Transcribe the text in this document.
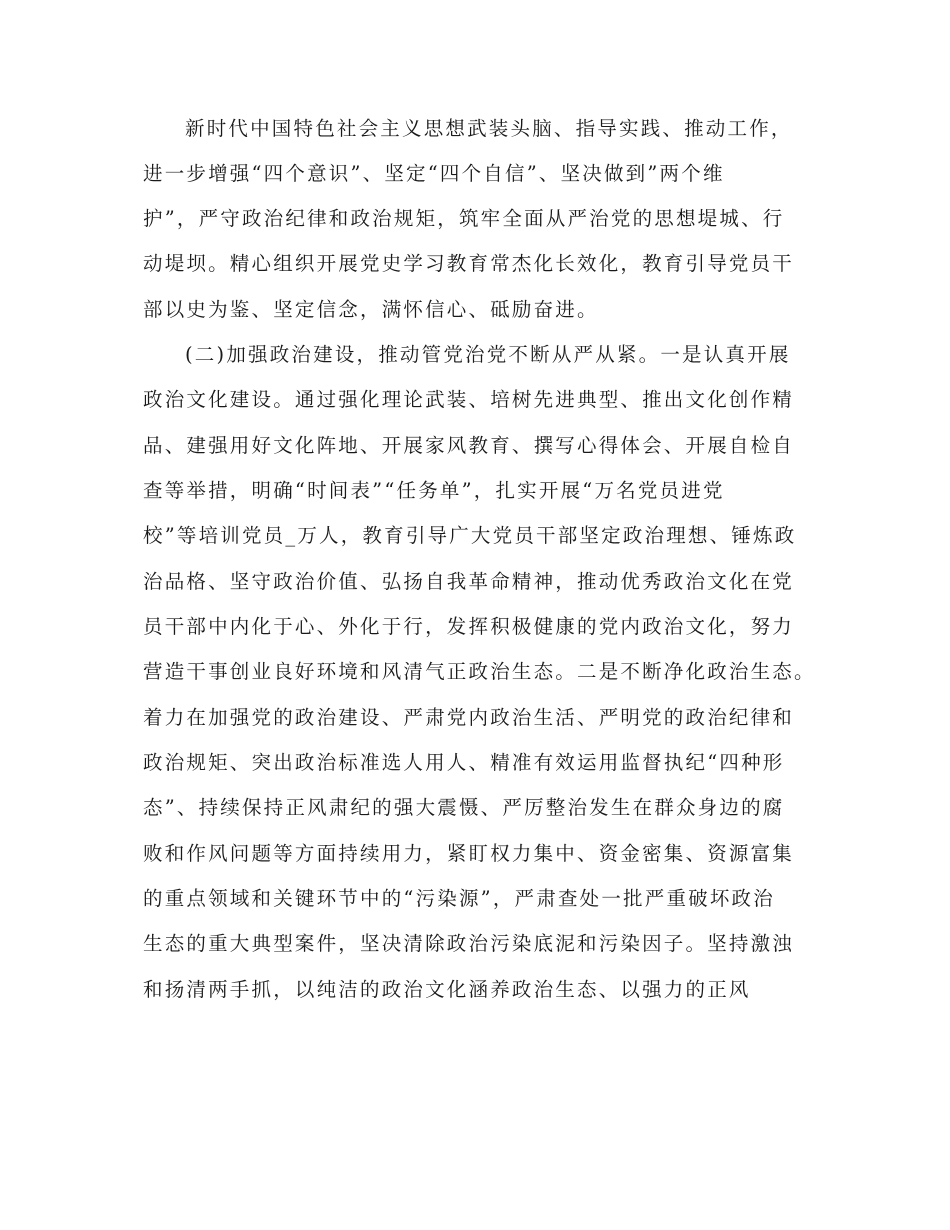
新时代中国特色社会主义思想武装头脑、指导实践、推动工作，
进一步增强“四个意识”、坚定“四个自信”、坚决做到”两个维
护”，严守政治纪律和政治规矩，筑牢全面从严治党的思想堤城、行
动堤坝。精心组织开展党史学习教育常杰化长效化，教育引导党员干
部以史为鉴、坚定信念，满怀信心、砥励奋进。
(二)加强政治建设，推动管党治党不断从严从紧。一是认真开展
政治文化建设。通过强化理论武装、培树先进典型、推出文化创作精
品、建强用好文化阵地、开展家风教育、撰写心得体会、开展自检自
查等举措，明确“时间表”“任务单”，扎实开展“万名党员进党
校”等培训党员_万人，教育引导广大党员干部坚定政治理想、锤炼政
治品格、坚守政治价值、弘扬自我革命精神，推动优秀政治文化在党
员干部中内化于心、外化于行，发挥积极健康的党内政治文化，努力
营造干事创业良好环境和风清气正政治生态。二是不断净化政治生态。
着力在加强党的政治建设、严肃党内政治生活、严明党的政治纪律和
政治规矩、突出政治标准选人用人、精准有效运用监督执纪“四种形
态”、持续保持正风肃纪的强大震慑、严厉整治发生在群众身边的腐
败和作风问题等方面持续用力，紧盯权力集中、资金密集、资源富集
的重点领域和关键环节中的“污染源”，严肃查处一批严重破坏政治
生态的重大典型案件，坚决清除政治污染底泥和污染因子。坚持激浊
和扬清两手抓，以纯洁的政治文化涵养政治生态、以强力的正风
